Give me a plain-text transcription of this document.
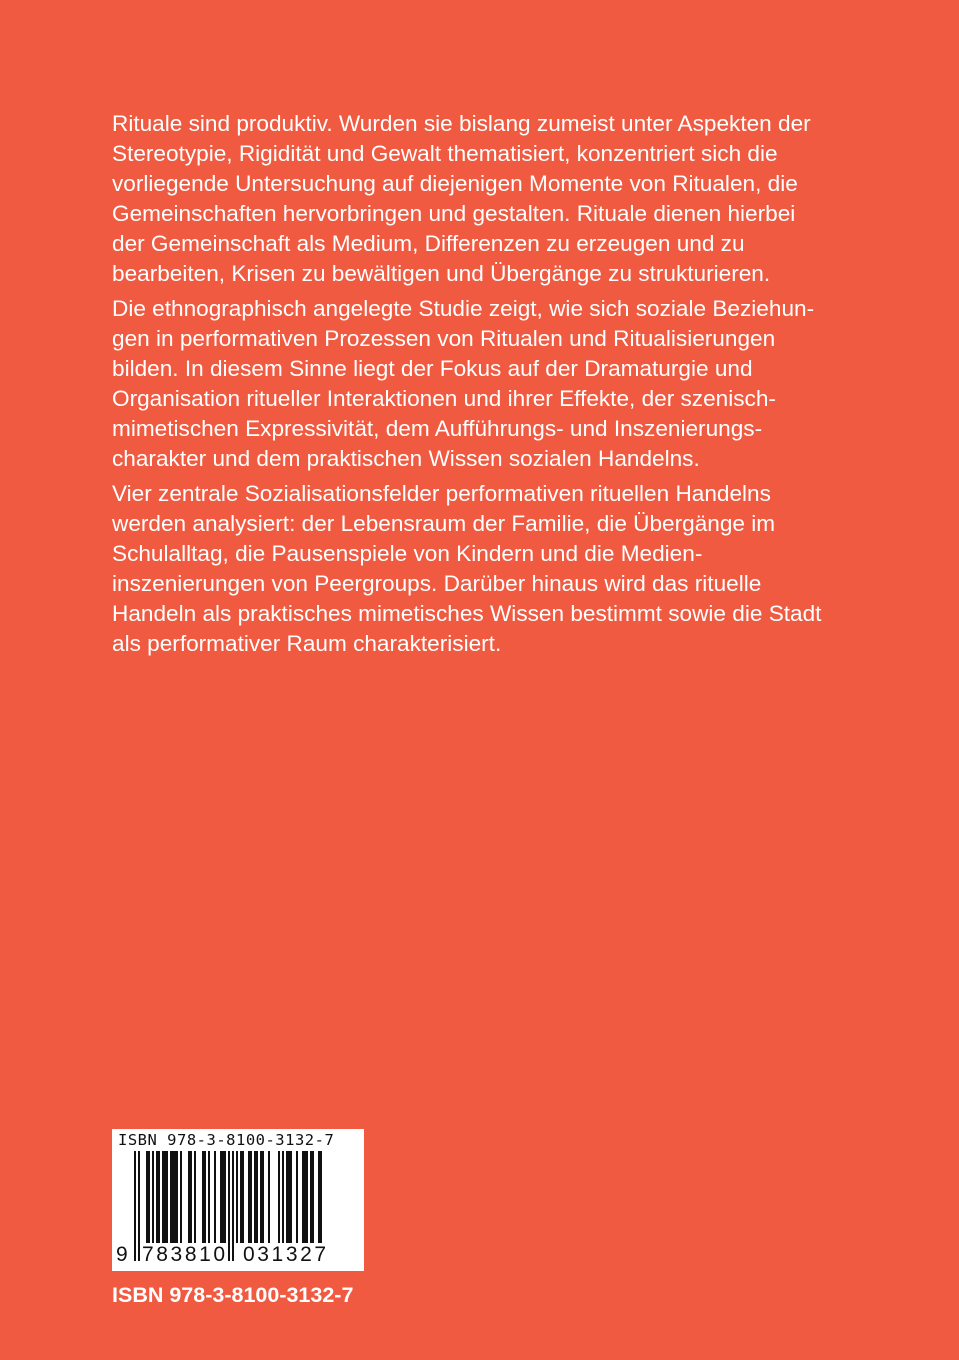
Rituale sind produktiv. Wurden sie bislang zumeist unter Aspekten der
Stereotypie, Rigidität und Gewalt thematisiert, konzentriert sich die
vorliegende Untersuchung auf diejenigen Momente von Ritualen, die
Gemeinschaften hervorbringen und gestalten. Rituale dienen hierbei
der Gemeinschaft als Medium, Differenzen zu erzeugen und zu
bearbeiten, Krisen zu bewältigen und Übergänge zu strukturieren.

Die ethnographisch angelegte Studie zeigt, wie sich soziale Beziehun-
gen in performativen Prozessen von Ritualen und Ritualisierungen
bilden. In diesem Sinne liegt der Fokus auf der Dramaturgie und
Organisation ritueller Interaktionen und ihrer Effekte, der szenisch-
mimetischen Expressivität, dem Aufführungs- und Inszenierungs-
charakter und dem praktischen Wissen sozialen Handelns.

Vier zentrale Sozialisationsfelder performativen rituellen Handelns
werden analysiert: der Lebensraum der Familie, die Übergänge im
Schulalltag, die Pausenspiele von Kindern und die Medien-
inszenierungen von Peergroups. Darüber hinaus wird das rituelle
Handeln als praktisches mimetisches Wissen bestimmt sowie die Stadt
als performativer Raum charakterisiert.

ISBN 978-3-8100-3132-7
9 783810 031327
ISBN 978-3-8100-3132-7
